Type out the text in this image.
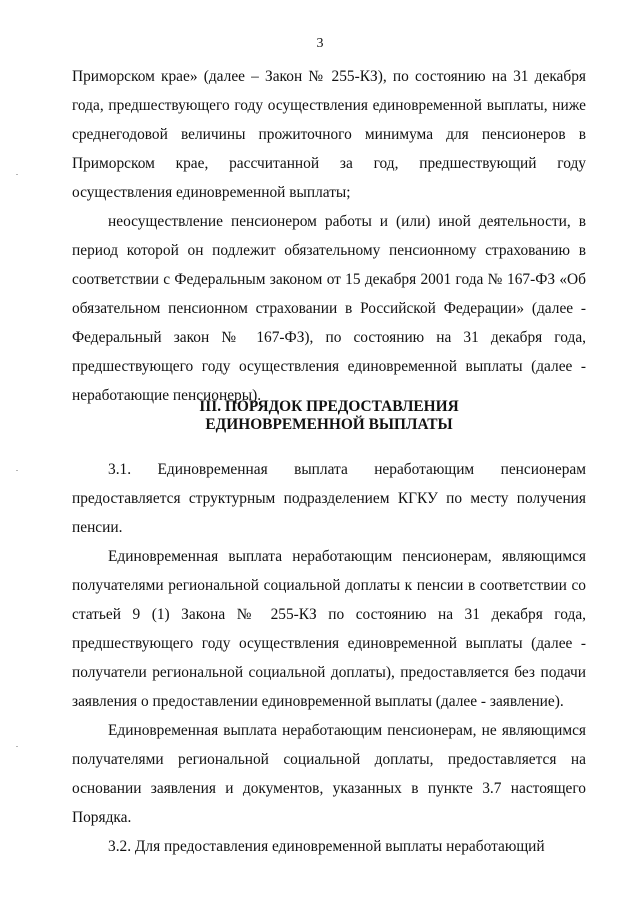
3

Приморском крае» (далее – Закон № 255-КЗ), по состоянию на 31 декабря года, предшествующего году осуществления единовременной выплаты, ниже среднегодовой величины прожиточного минимума для пенсионеров в Приморском крае, рассчитанной за год, предшествующий году осуществления единовременной выплаты;

неосуществление пенсионером работы и (или) иной деятельности, в период которой он подлежит обязательному пенсионному страхованию в соответствии с Федеральным законом от 15 декабря 2001 года № 167-ФЗ «Об обязательном пенсионном страховании в Российской Федерации» (далее - Федеральный закон № 167-ФЗ), по состоянию на 31 декабря года, предшествующего году осуществления единовременной выплаты (далее - неработающие пенсионеры).

III. ПОРЯДОК ПРЕДОСТАВЛЕНИЯ
ЕДИНОВРЕМЕННОЙ ВЫПЛАТЫ

3.1. Единовременная выплата неработающим пенсионерам предоставляется структурным подразделением КГКУ по месту получения пенсии.

Единовременная выплата неработающим пенсионерам, являющимся получателями региональной социальной доплаты к пенсии в соответствии со статьей 9 (1) Закона № 255-КЗ по состоянию на 31 декабря года, предшествующего году осуществления единовременной выплаты (далее - получатели региональной социальной доплаты), предоставляется без подачи заявления о предоставлении единовременной выплаты (далее - заявление).

Единовременная выплата неработающим пенсионерам, не являющимся получателями региональной социальной доплаты, предоставляется на основании заявления и документов, указанных в пункте 3.7 настоящего Порядка.

3.2. Для предоставления единовременной выплаты неработающий
